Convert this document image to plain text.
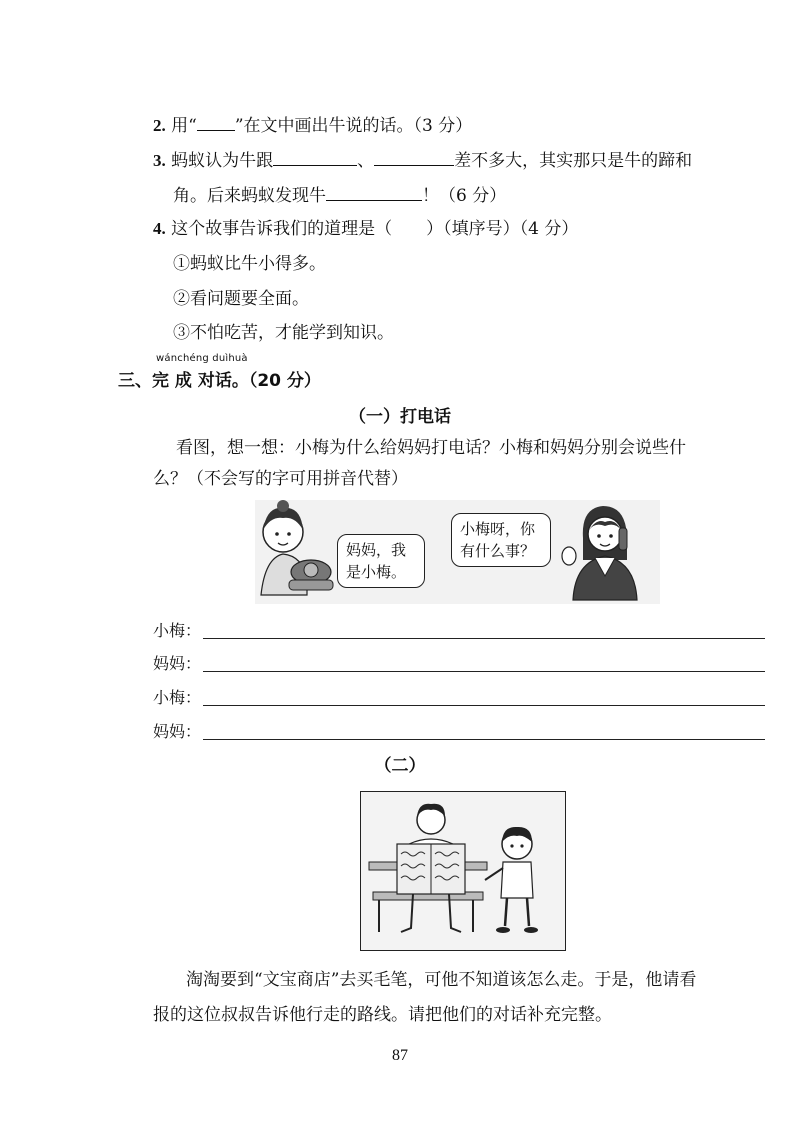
2. 用“ ”在文中画出牛说的话。（3 分）
3. 蚂蚁认为牛跟	、	差不多大，其实那只是牛的蹄和
角。后来蚂蚁发现牛	！（6 分）
4. 这个故事告诉我们的道理是（　　）（填序号）（4 分）
①蚂蚁比牛小得多。
②看问题要全面。
③不怕吃苦，才能学到知识。
wánchéng duìhuà
三、完 成 对话。（20 分）
（一）打电话
看图，想一想：小梅为什么给妈妈打电话？小梅和妈妈分别会说些什
么？（不会写的字可用拼音代替）
妈妈，我
是小梅。
小梅呀，你
有什么事？
小梅：
妈妈：
小梅：
妈妈：
（二）
淘淘要到“文宝商店”去买毛笔，可他不知道该怎么走。于是，他请看
报的这位叔叔告诉他行走的路线。请把他们的对话补充完整。
87
